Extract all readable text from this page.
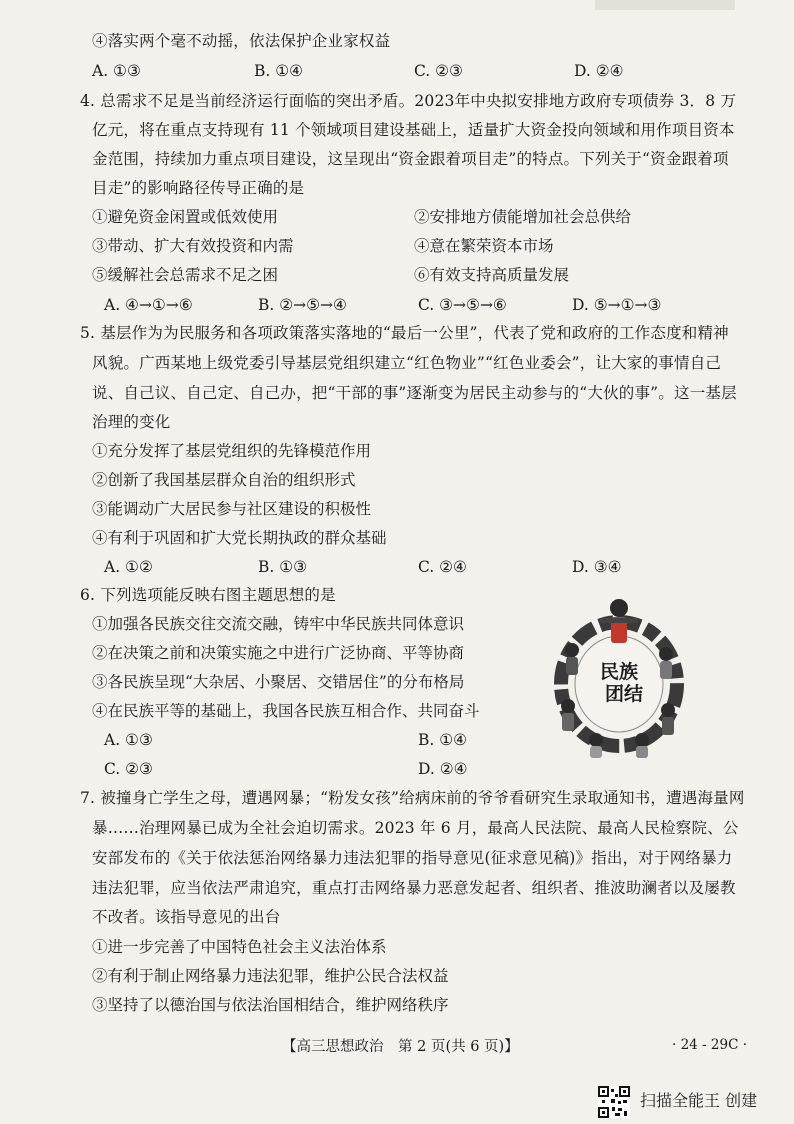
④落实两个毫不动摇，依法保护企业家权益
A. ①③	B. ①④	C. ②③	D. ②④
4. 总需求不足是当前经济运行面临的突出矛盾。2023年中央拟安排地方政府专项债券 3．8 万
亿元，将在重点支持现有 11 个领域项目建设基础上，适量扩大资金投向领域和用作项目资本
金范围，持续加力重点项目建设，这呈现出“资金跟着项目走”的特点。下列关于“资金跟着项
目走”的影响路径传导正确的是
①避免资金闲置或低效使用	②安排地方债能增加社会总供给
③带动、扩大有效投资和内需	④意在繁荣资本市场
⑤缓解社会总需求不足之困	⑥有效支持高质量发展
A. ④→①→⑥	B. ②→⑤→④	C. ③→⑤→⑥	D. ⑤→①→③
5. 基层作为为民服务和各项政策落实落地的“最后一公里”，代表了党和政府的工作态度和精神
风貌。广西某地上级党委引导基层党组织建立“红色物业”“红色业委会”，让大家的事情自己
说、自己议、自己定、自己办，把“干部的事”逐渐变为居民主动参与的“大伙的事”。这一基层
治理的变化
①充分发挥了基层党组织的先锋模范作用
②创新了我国基层群众自治的组织形式
③能调动广大居民参与社区建设的积极性
④有利于巩固和扩大党长期执政的群众基础
A. ①②	B. ①③	C. ②④	D. ③④
6. 下列选项能反映右图主题思想的是
①加强各民族交往交流交融，铸牢中华民族共同体意识
②在决策之前和决策实施之中进行广泛协商、平等协商
③各民族呈现“大杂居、小聚居、交错居住”的分布格局
④在民族平等的基础上，我国各民族互相合作、共同奋斗
A. ①③	B. ①④
C. ②③	D. ②④
民族
团结
7. 被撞身亡学生之母，遭遇网暴；“粉发女孩”给病床前的爷爷看研究生录取通知书，遭遇海量网
暴……治理网暴已成为全社会迫切需求。2023 年 6 月，最高人民法院、最高人民检察院、公
安部发布的《关于依法惩治网络暴力违法犯罪的指导意见(征求意见稿)》指出，对于网络暴力
违法犯罪，应当依法严肃追究，重点打击网络暴力恶意发起者、组织者、推波助澜者以及屡教
不改者。该指导意见的出台
①进一步完善了中国特色社会主义法治体系
②有利于制止网络暴力违法犯罪，维护公民合法权益
③坚持了以德治国与依法治国相结合，维护网络秩序
【高三思想政治　第 2 页(共 6 页)】	· 24 - 29C ·
扫描全能王 创建
